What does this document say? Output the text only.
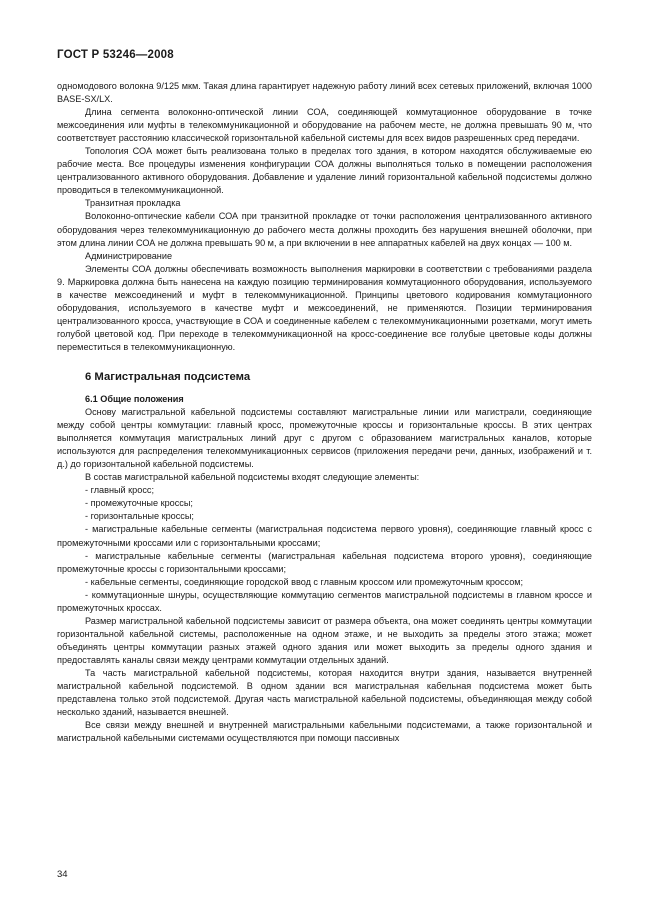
ГОСТ Р 53246—2008

одномодового волокна 9/125 мкм. Такая длина гарантирует надежную работу линий всех сетевых приложений, включая 1000 BASE-SX/LX.

Длина сегмента волоконно-оптической линии СОА, соединяющей коммутационное оборудование в точке межсоединения или муфты в телекоммуникационной и оборудование на рабочем месте, не должна превышать 90 м, что соответствует расстоянию классической горизонтальной кабельной системы для всех видов разрешенных сред передачи.

Топология СОА может быть реализована только в пределах того здания, в котором находятся обслуживаемые ею рабочие места. Все процедуры изменения конфигурации СОА должны выполняться только в помещении расположения централизованного активного оборудования. Добавление и удаление линий горизонтальной кабельной подсистемы должно проводиться в телекоммуникационной.

Транзитная прокладка

Волоконно-оптические кабели СОА при транзитной прокладке от точки расположения централизованного активного оборудования через телекоммуникационную до рабочего места должны проходить без нарушения внешней оболочки, при этом длина линии СОА не должна превышать 90 м, а при включении в нее аппаратных кабелей на двух концах — 100 м.

Администрирование

Элементы СОА должны обеспечивать возможность выполнения маркировки в соответствии с требованиями раздела 9. Маркировка должна быть нанесена на каждую позицию терминирования коммутационного оборудования, используемого в качестве межсоединений и муфт в телекоммуникационной. Принципы цветового кодирования коммутационного оборудования, используемого в качестве муфт и межсоединений, не применяются. Позиции терминирования централизованного кросса, участвующие в СОА и соединенные кабелем с телекоммуникационными розетками, могут иметь голубой цветовой код. При переходе в телекоммуникационной на кросс-соединение все голубые цветовые коды должны переместиться в телекоммуникационную.

6 Магистральная подсистема
6.1 Общие положения

Основу магистральной кабельной подсистемы составляют магистральные линии или магистрали, соединяющие между собой центры коммутации: главный кросс, промежуточные кроссы и горизонтальные кроссы. В этих центрах выполняется коммутация магистральных линий друг с другом с образованием магистральных каналов, которые используются для распределения телекоммуникационных сервисов (приложения передачи речи, данных, изображений и т. д.) до горизонтальной кабельной подсистемы.

В состав магистральной кабельной подсистемы входят следующие элементы:

- главный кросс;

- промежуточные кроссы;

- горизонтальные кроссы;

- магистральные кабельные сегменты (магистральная подсистема первого уровня), соединяющие главный кросс с промежуточными кроссами или с горизонтальными кроссами;

- магистральные кабельные сегменты (магистральная кабельная подсистема второго уровня), соединяющие промежуточные кроссы с горизонтальными кроссами;

- кабельные сегменты, соединяющие городской ввод с главным кроссом или промежуточным кроссом;

- коммутационные шнуры, осуществляющие коммутацию сегментов магистральной подсистемы в главном кроссе и промежуточных кроссах.

Размер магистральной кабельной подсистемы зависит от размера объекта, она может соединять центры коммутации горизонтальной кабельной системы, расположенные на одном этаже, и не выходить за пределы этого этажа; может объединять центры коммутации разных этажей одного здания или может выходить за пределы одного здания и предоставлять каналы связи между центрами коммутации отдельных зданий.

Та часть магистральной кабельной подсистемы, которая находится внутри здания, называется внутренней магистральной кабельной подсистемой. В одном здании вся магистральная кабельная подсистема может быть представлена только этой подсистемой. Другая часть магистральной кабельной подсистемы, объединяющая между собой несколько зданий, называется внешней.

Все связи между внешней и внутренней магистральными кабельными подсистемами, а также горизонтальной и магистральной кабельными системами осуществляются при помощи пассивных

34
